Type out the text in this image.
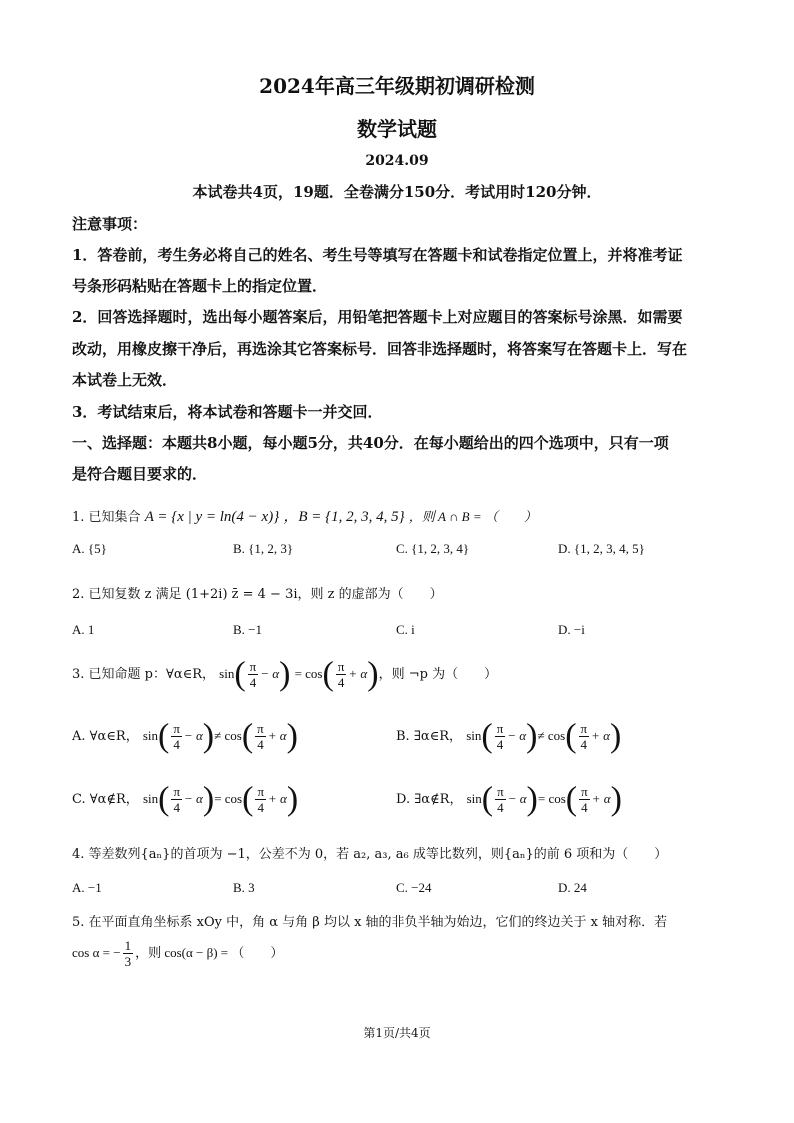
2024年高三年级期初调研检测
数学试题
2024.09
本试卷共4页，19题．全卷满分150分．考试用时120分钟．
注意事项：
1．答卷前，考生务必将自己的姓名、考生号等填写在答题卡和试卷指定位置上，并将准考证
号条形码粘贴在答题卡上的指定位置．
2．回答选择题时，选出每小题答案后，用铅笔把答题卡上对应题目的答案标号涂黑．如需要
改动，用橡皮擦干净后，再选涂其它答案标号．回答非选择题时，将答案写在答题卡上．写在
本试卷上无效．
3．考试结束后，将本试卷和答题卡一并交回．
一、选择题：本题共8小题，每小题5分，共40分．在每小题给出的四个选项中，只有一项
是符合题目要求的．
1. 已知集合 A = {x | y = ln(4 − x)} ，B = {1, 2, 3, 4, 5} ，则 A ∩ B = （　　）
A. {5}	B. {1, 2, 3}	C. {1, 2, 3, 4}	D. {1, 2, 3, 4, 5}
2. 已知复数 z 满足 (1+2i) z̄ = 4 − 3i，则 z 的虚部为（　　）
A. 1	B. −1	C. i	D. −i
3. 已知命题 p：∀α∈R， $\sin( \frac{\pi}{4} - \alpha) = \cos( \frac{\pi}{4} + \alpha)$，则 ¬p 为（　　）
A. ∀α∈R， $\sin( \frac{\pi}{4} - \alpha)\ne \cos( \frac{\pi}{4} + \alpha)$	B. ∃α∈R， $\sin( \frac{\pi}{4} - \alpha)\ne \cos( \frac{\pi}{4} + \alpha)$
C. ∀α∉R， $\sin( \frac{\pi}{4} - \alpha)= \cos( \frac{\pi}{4} + \alpha)$	D. ∃α∉R， $\sin( \frac{\pi}{4} - \alpha)= \cos( \frac{\pi}{4} + \alpha)$
4. 等差数列{aₙ}的首项为 −1，公差不为 0，若 a₂, a₃, a₆ 成等比数列，则{aₙ}的前 6 项和为（　　）
A. −1	B. 3	C. −24	D. 24
5. 在平面直角坐标系 xOy 中，角 α 与角 β 均以 x 轴的非负半轴为始边，它们的终边关于 x 轴对称．若
cos α = − $\frac{1}{3}$ ，则 cos(α − β) = （　　）
第1页/共4页
